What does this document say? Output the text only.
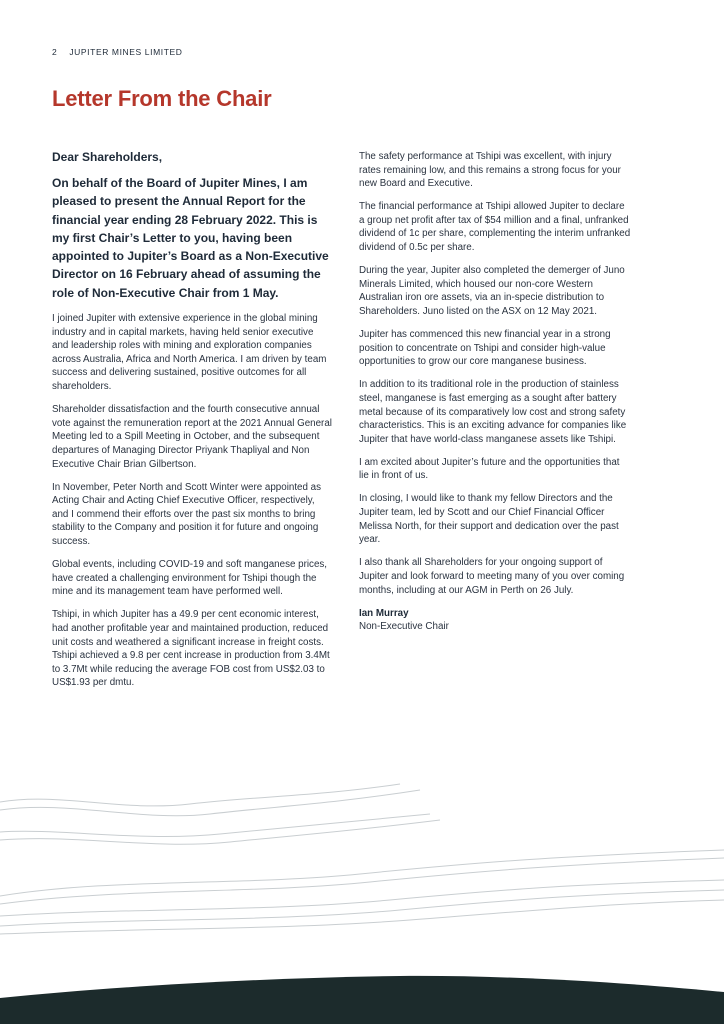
2 JUPITER MINES LIMITED
Letter From the Chair

Dear Shareholders,

On behalf of the Board of Jupiter Mines, I am pleased to present the Annual Report for the financial year ending 28 February 2022. This is my first Chair’s Letter to you, having been appointed to Jupiter’s Board as a Non-Executive Director on 16 February ahead of assuming the role of Non-Executive Chair from 1 May.

I joined Jupiter with extensive experience in the global mining industry and in capital markets, having held senior executive and leadership roles with mining and exploration companies across Australia, Africa and North America. I am driven by team success and delivering sustained, positive outcomes for all shareholders.

Shareholder dissatisfaction and the fourth consecutive annual vote against the remuneration report at the 2021 Annual General Meeting led to a Spill Meeting in October, and the subsequent departures of Managing Director Priyank Thapliyal and Non Executive Chair Brian Gilbertson.

In November, Peter North and Scott Winter were appointed as Acting Chair and Acting Chief Executive Officer, respectively, and I commend their efforts over the past six months to bring stability to the Company and position it for future and ongoing success.

Global events, including COVID-19 and soft manganese prices, have created a challenging environment for Tshipi though the mine and its management team have performed well.

Tshipi, in which Jupiter has a 49.9 per cent economic interest, had another profitable year and maintained production, reduced unit costs and weathered a significant increase in freight costs. Tshipi achieved a 9.8 per cent increase in production from 3.4Mt to 3.7Mt while reducing the average FOB cost from US$2.03 to US$1.93 per dmtu.

The safety performance at Tshipi was excellent, with injury rates remaining low, and this remains a strong focus for your new Board and Executive.

The financial performance at Tshipi allowed Jupiter to declare a group net profit after tax of $54 million and a final, unfranked dividend of 1c per share, complementing the interim unfranked dividend of 0.5c per share.

During the year, Jupiter also completed the demerger of Juno Minerals Limited, which housed our non-core Western Australian iron ore assets, via an in-specie distribution to Shareholders. Juno listed on the ASX on 12 May 2021.

Jupiter has commenced this new financial year in a strong position to concentrate on Tshipi and consider high-value opportunities to grow our core manganese business.

In addition to its traditional role in the production of stainless steel, manganese is fast emerging as a sought after battery metal because of its comparatively low cost and strong safety characteristics. This is an exciting advance for companies like Jupiter that have world-class manganese assets like Tshipi.

I am excited about Jupiter’s future and the opportunities that lie in front of us.

In closing, I would like to thank my fellow Directors and the Jupiter team, led by Scott and our Chief Financial Officer Melissa North, for their support and dedication over the past year.

I also thank all Shareholders for your ongoing support of Jupiter and look forward to meeting many of you over coming months, including at our AGM in Perth on 26 July.

Ian Murray

Non-Executive Chair
